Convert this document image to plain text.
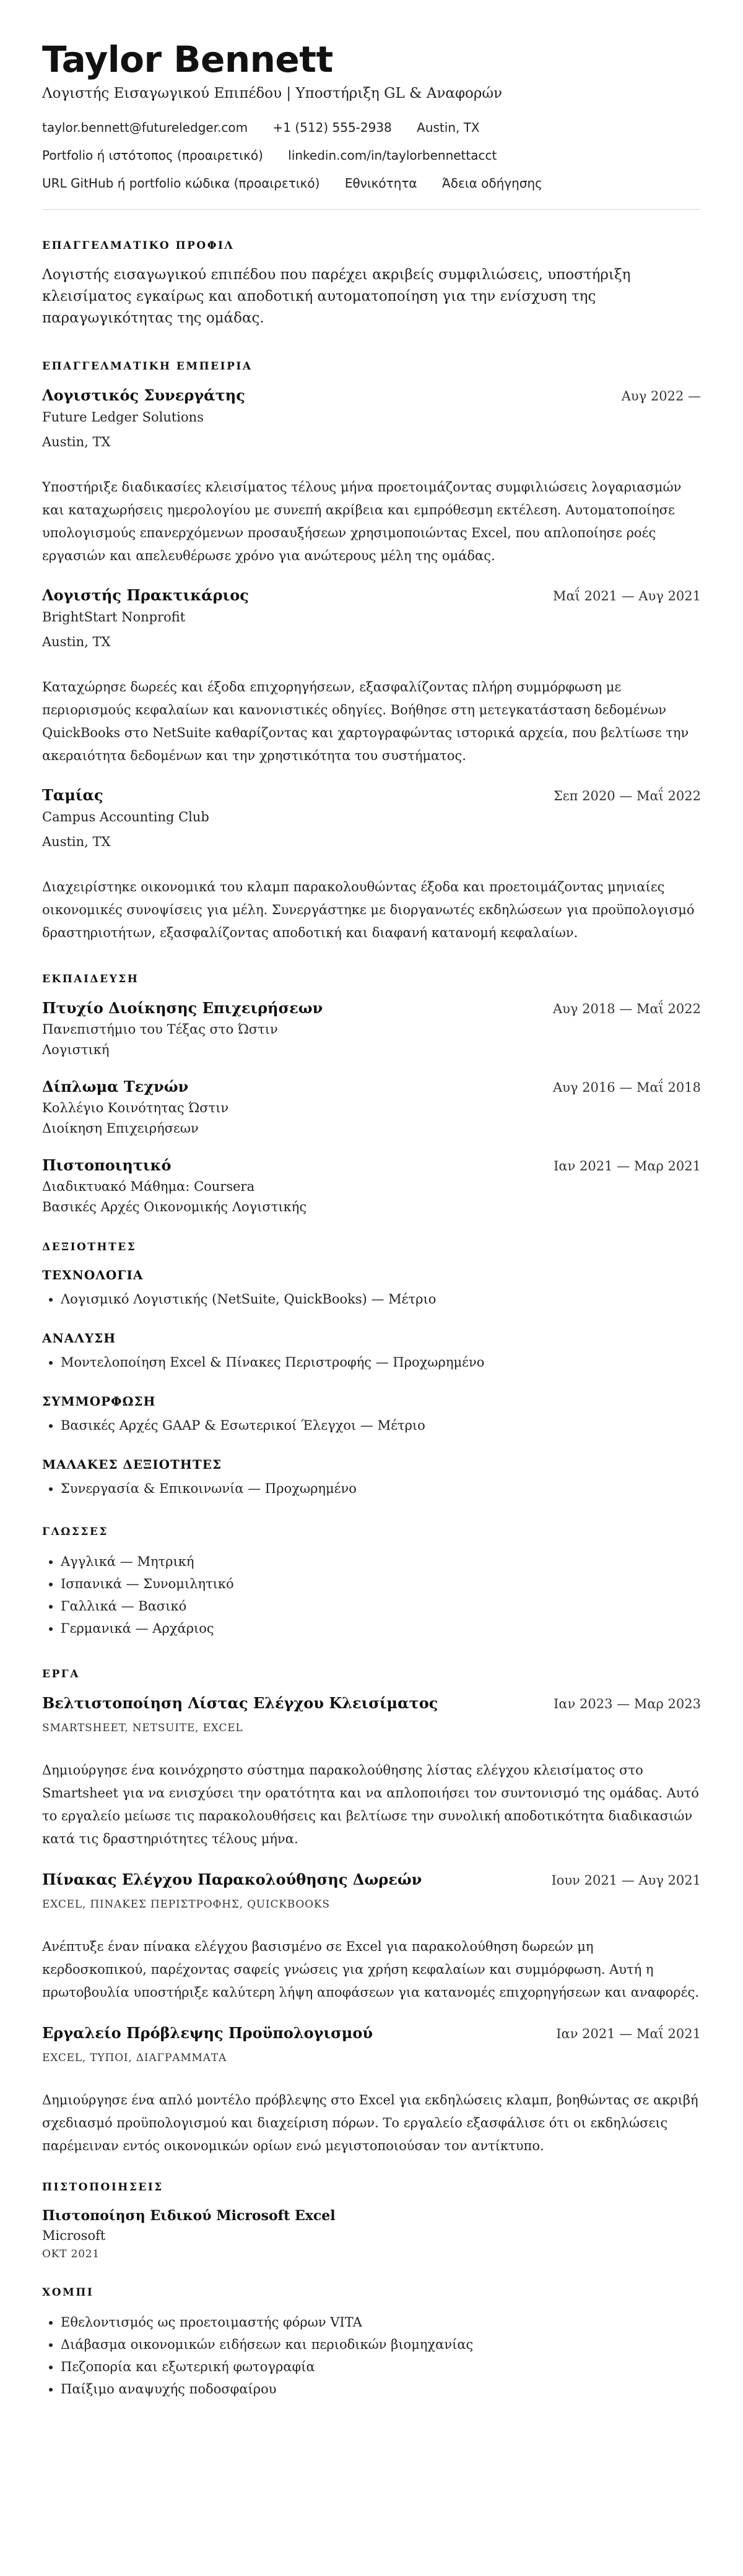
Taylor Bennett
Λογιστής Εισαγωγικού Επιπέδου | Υποστήριξη GL & Αναφορών
taylor.bennett@futureledger.com +1 (512) 555-2938 Austin, TX
Portfolio ή ιστότοπος (προαιρετικό) linkedin.com/in/taylorbennettacct
URL GitHub ή portfolio κώδικα (προαιρετικό) Εθνικότητα Άδεια οδήγησης
ΕΠΑΓΓΕΛΜΑΤΙΚΟ ΠΡΟΦΙΛ

Λογιστής εισαγωγικού επιπέδου που παρέχει ακριβείς συμφιλιώσεις, υποστήριξη κλεισίματος εγκαίρως και αποδοτική αυτοματοποίηση για την ενίσχυση της παραγωγικότητας της ομάδας.

ΕΠΑΓΓΕΛΜΑΤΙΚΗ ΕΜΠΕΙΡΙΑ
Λογιστικός Συνεργάτης	Αυγ 2022 —
Future Ledger Solutions
Austin, TX
Υποστήριξε διαδικασίες κλεισίματος τέλους μήνα προετοιμάζοντας συμφιλιώσεις λογαριασμών και καταχωρήσεις ημερολογίου με συνεπή ακρίβεια και εμπρόθεσμη εκτέλεση. Αυτοματοποίησε υπολογισμούς επανερχόμενων προσαυξήσεων χρησιμοποιώντας Excel, που απλοποίησε ροές εργασιών και απελευθέρωσε χρόνο για ανώτερους μέλη της ομάδας.
Λογιστής Πρακτικάριος	Μαΐ 2021 — Αυγ 2021
BrightStart Nonprofit
Austin, TX
Καταχώρησε δωρεές και έξοδα επιχορηγήσεων, εξασφαλίζοντας πλήρη συμμόρφωση με περιορισμούς κεφαλαίων και κανονιστικές οδηγίες. Βοήθησε στη μετεγκατάσταση δεδομένων QuickBooks στο NetSuite καθαρίζοντας και χαρτογραφώντας ιστορικά αρχεία, που βελτίωσε την ακεραιότητα δεδομένων και την χρηστικότητα του συστήματος.
Ταμίας	Σεπ 2020 — Μαΐ 2022
Campus Accounting Club
Austin, TX
Διαχειρίστηκε οικονομικά του κλαμπ παρακολουθώντας έξοδα και προετοιμάζοντας μηνιαίες οικονομικές συνοψίσεις για μέλη. Συνεργάστηκε με διοργανωτές εκδηλώσεων για προϋπολογισμό δραστηριοτήτων, εξασφαλίζοντας αποδοτική και διαφανή κατανομή κεφαλαίων.
ΕΚΠΑΙΔΕΥΣΗ
Πτυχίο Διοίκησης Επιχειρήσεων	Αυγ 2018 — Μαΐ 2022
Πανεπιστήμιο του Τέξας στο Ώστιν
Λογιστική
Δίπλωμα Τεχνών	Αυγ 2016 — Μαΐ 2018
Κολλέγιο Κοινότητας Ώστιν
Διοίκηση Επιχειρήσεων
Πιστοποιητικό	Ιαν 2021 — Μαρ 2021
Διαδικτυακό Μάθημα: Coursera
Βασικές Αρχές Οικονομικής Λογιστικής
ΔΕΞΙΟΤΗΤΕΣ
ΤΕΧΝΟΛΟΓΙΑ
• Λογισμικό Λογιστικής (NetSuite, QuickBooks) — Μέτριο
ΑΝΑΛΥΣΗ
• Μοντελοποίηση Excel & Πίνακες Περιστροφής — Προχωρημένο
ΣΥΜΜΟΡΦΩΣΗ
• Βασικές Αρχές GAAP & Εσωτερικοί Έλεγχοι — Μέτριο
ΜΑΛΑΚΕΣ ΔΕΞΙΟΤΗΤΕΣ
• Συνεργασία & Επικοινωνία — Προχωρημένο
ΓΛΩΣΣΕΣ
• Αγγλικά — Μητρική
• Ισπανικά — Συνομιλητικό
• Γαλλικά — Βασικό
• Γερμανικά — Αρχάριος
ΕΡΓΑ
Βελτιστοποίηση Λίστας Ελέγχου Κλεισίματος	Ιαν 2023 — Μαρ 2023
SMARTSHEET, NETSUITE, EXCEL
Δημιούργησε ένα κοινόχρηστο σύστημα παρακολούθησης λίστας ελέγχου κλεισίματος στο Smartsheet για να ενισχύσει την ορατότητα και να απλοποιήσει τον συντονισμό της ομάδας. Αυτό το εργαλείο μείωσε τις παρακολουθήσεις και βελτίωσε την συνολική αποδοτικότητα διαδικασιών κατά τις δραστηριότητες τέλους μήνα.
Πίνακας Ελέγχου Παρακολούθησης Δωρεών	Ιουν 2021 — Αυγ 2021
EXCEL, ΠΙΝΑΚΕΣ ΠΕΡΙΣΤΡΟΦΗΣ, QUICKBOOKS
Ανέπτυξε έναν πίνακα ελέγχου βασισμένο σε Excel για παρακολούθηση δωρεών μη κερδοσκοπικού, παρέχοντας σαφείς γνώσεις για χρήση κεφαλαίων και συμμόρφωση. Αυτή η πρωτοβουλία υποστήριξε καλύτερη λήψη αποφάσεων για κατανομές επιχορηγήσεων και αναφορές.
Εργαλείο Πρόβλεψης Προϋπολογισμού	Ιαν 2021 — Μαΐ 2021
EXCEL, ΤΥΠΟΙ, ΔΙΑΓΡΑΜΜΑΤΑ
Δημιούργησε ένα απλό μοντέλο πρόβλεψης στο Excel για εκδηλώσεις κλαμπ, βοηθώντας σε ακριβή σχεδιασμό προϋπολογισμού και διαχείριση πόρων. Το εργαλείο εξασφάλισε ότι οι εκδηλώσεις παρέμειναν εντός οικονομικών ορίων ενώ μεγιστοποιούσαν τον αντίκτυπο.
ΠΙΣΤΟΠΟΙΗΣΕΙΣ
Πιστοποίηση Ειδικού Microsoft Excel
Microsoft
ΟΚΤ 2021
ΧΟΜΠΙ
• Εθελοντισμός ως προετοιμαστής φόρων VITA
• Διάβασμα οικονομικών ειδήσεων και περιοδικών βιομηχανίας
• Πεζοπορία και εξωτερική φωτογραφία
• Παίξιμο αναψυχής ποδοσφαίρου
